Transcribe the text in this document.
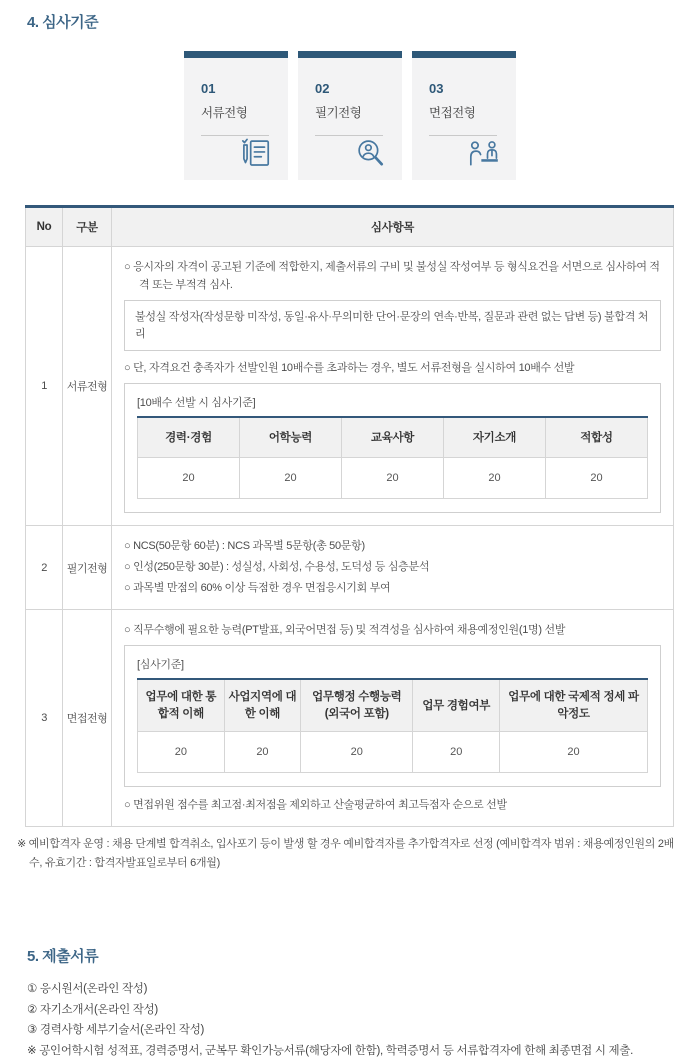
4. 심사기준
01
서류전형
02
필기전형
03
면접전형
No	구분	심사항목
1	서류전형	
○ 응시자의 자격이 공고된 기준에 적합한지, 제출서류의 구비 및 불성실 작성여부 등 형식요건을 서면으로 심사하여 적격 또는 부적격 심사.
불성실 작성자(작성문항 미작성, 동일·유사·무의미한 단어·문장의 연속·반복, 질문과 관련 없는 답변 등) 불합격 처리
○ 단, 자격요건 충족자가 선발인원 10배수를 초과하는 경우, 별도 서류전형을 실시하여 10배수 선발
[10배수 선발 시 심사기준]
경력·경험	어학능력	교육사항	자기소개	적합성
20	20	20	20	20

2	필기전형	
○ NCS(50문항 60분) : NCS 과목별 5문항(총 50문항)
○ 인성(250문항 30분) : 성실성, 사회성, 수용성, 도덕성 등 심층분석
○ 과목별 만점의 60% 이상 득점한 경우 면접응시기회 부여

3	면접전형	
○ 직무수행에 필요한 능력(PT발표, 외국어면접 등) 및 적격성을 심사하여 채용예정인원(1명) 선발
[심사기준]
업무에 대한 통합적 이해	사업지역에 대한 이해	업무행정 수행능력 (외국어 포함)	업무 경험여부	업무에 대한 국제적 정세 파악정도
20	20	20	20	20
○ 면접위원 점수를 최고점·최저점을 제외하고 산술평균하여 최고득점자 순으로 선발
※ 예비합격자 운영 : 채용 단계별 합격취소, 입사포기 등이 발생 할 경우 예비합격자를 추가합격자로 선정 (예비합격자 범위 : 채용예정인원의 2배수, 유효기간 : 합격자발표일로부터 6개월)
5. 제출서류
① 응시원서(온라인 작성)
② 자기소개서(온라인 작성)
③ 경력사항 세부기술서(온라인 작성)
※ 공인어학시험 성적표, 경력증명서, 군복무 확인가능서류(해당자에 한함), 학력증명서 등 서류합격자에 한해 최종면접 시 제출.
